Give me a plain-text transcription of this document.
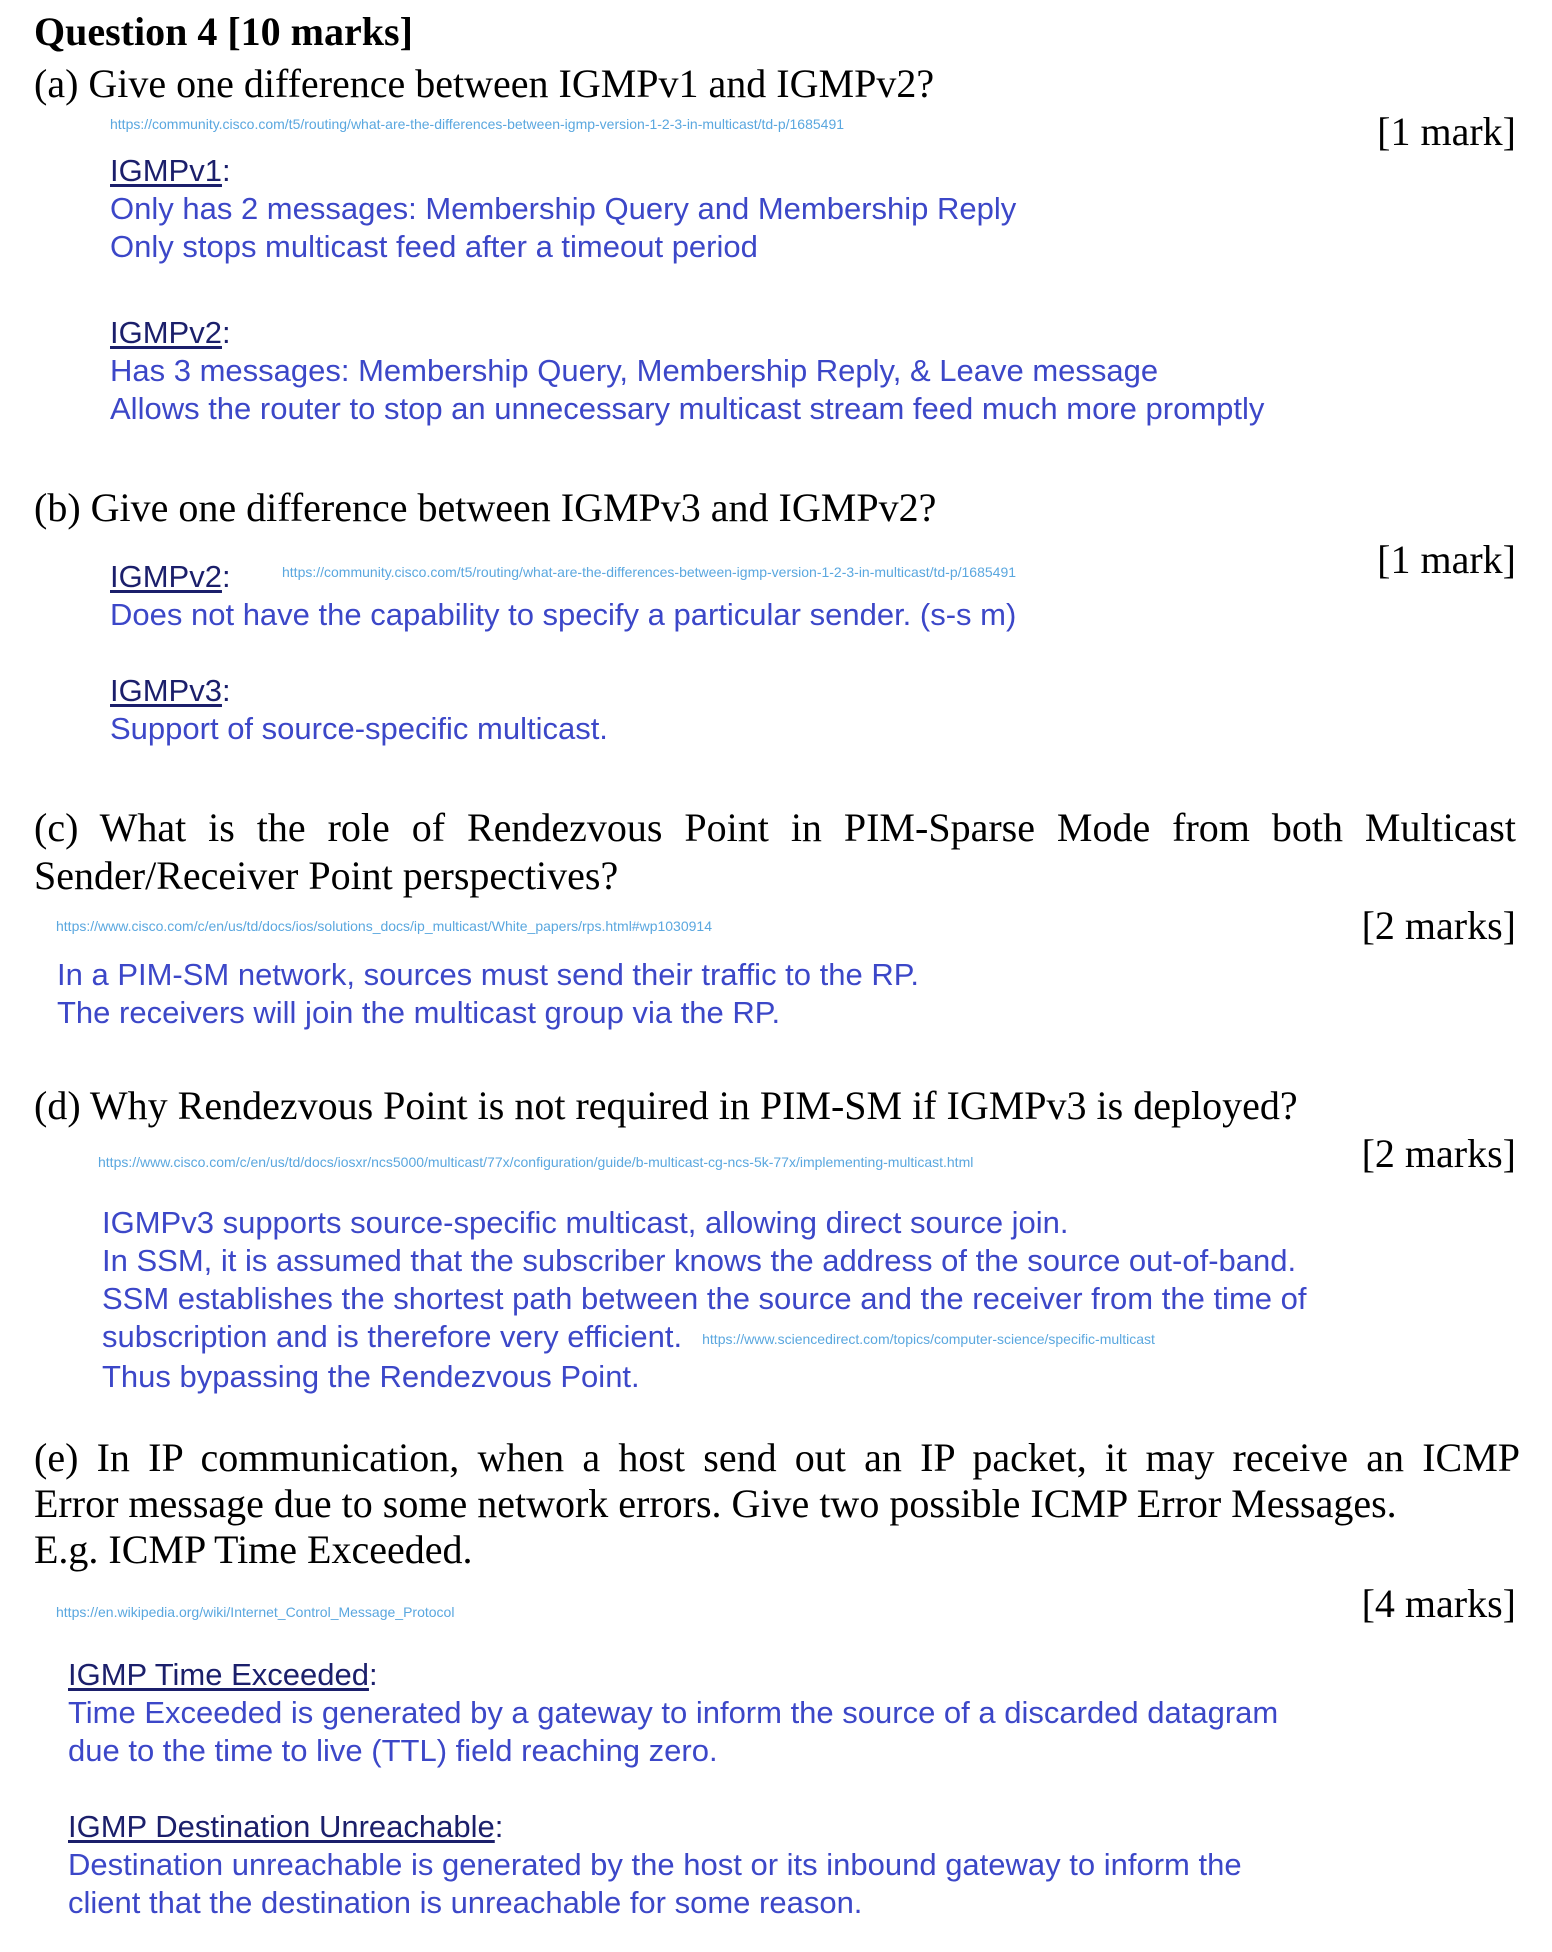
Question 4 [10 marks]
(a) Give one difference between IGMPv1 and IGMPv2?
https://community.cisco.com/t5/routing/what-are-the-differences-between-igmp-version-1-2-3-in-multicast/td-p/1685491	[1 mark]
IGMPv1:
Only has 2 messages: Membership Query and Membership Reply
Only stops multicast feed after a timeout period
IGMPv2:
Has 3 messages: Membership Query, Membership Reply, & Leave message
Allows the router to stop an unnecessary multicast stream feed much more promptly
(b) Give one difference between IGMPv3 and IGMPv2?
[1 mark]
IGMPv2:
Does not have the capability to specify a particular sender. (s-s m)
https://community.cisco.com/t5/routing/what-are-the-differences-between-igmp-version-1-2-3-in-multicast/td-p/1685491
IGMPv3:
Support of source-specific multicast.
(c) What is the role of Rendezvous Point in PIM-Sparse Mode from both Multicast
Sender/Receiver Point perspectives?
https://www.cisco.com/c/en/us/td/docs/ios/solutions_docs/ip_multicast/White_papers/rps.html#wp1030914	[2 marks]
In a PIM-SM network, sources must send their traffic to the RP.
The receivers will join the multicast group via the RP.
(d) Why Rendezvous Point is not required in PIM-SM if IGMPv3 is deployed?
https://www.cisco.com/c/en/us/td/docs/iosxr/ncs5000/multicast/77x/configuration/guide/b-multicast-cg-ncs-5k-77x/implementing-multicast.html	[2 marks]
IGMPv3 supports source-specific multicast, allowing direct source join.
In SSM, it is assumed that the subscriber knows the address of the source out-of-band.
SSM establishes the shortest path between the source and the receiver from the time of
subscription and is therefore very efficient. https://www.sciencedirect.com/topics/computer-science/specific-multicast
Thus bypassing the Rendezvous Point.
(e) In IP communication, when a host send out an IP packet, it may receive an ICMP
Error message due to some network errors. Give two possible ICMP Error Messages.
E.g. ICMP Time Exceeded.
https://en.wikipedia.org/wiki/Internet_Control_Message_Protocol	[4 marks]
IGMP Time Exceeded:
Time Exceeded is generated by a gateway to inform the source of a discarded datagram
due to the time to live (TTL) field reaching zero.
IGMP Destination Unreachable:
Destination unreachable is generated by the host or its inbound gateway to inform the
client that the destination is unreachable for some reason.
